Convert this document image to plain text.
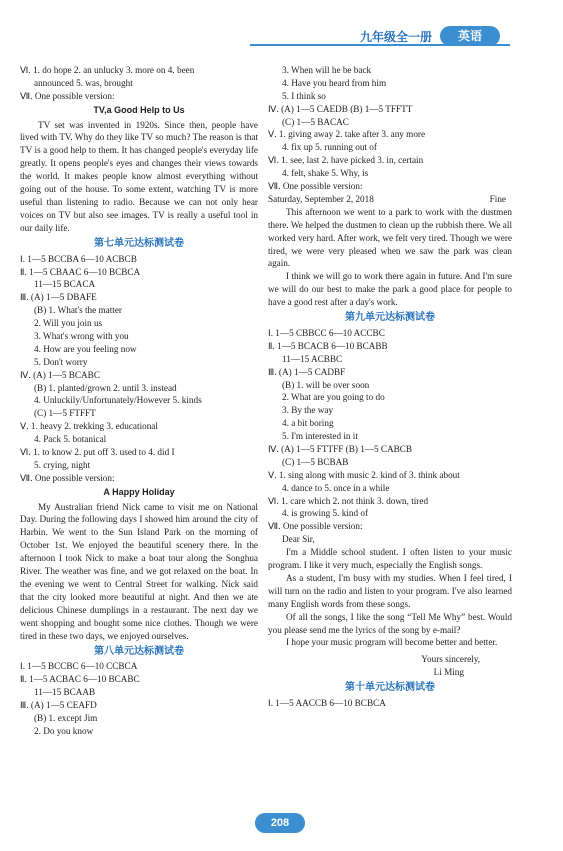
九年级全一册	英语
Ⅵ. 1. do hope 2. an unlucky 3. more on 4. been
announced 5. was, brought
Ⅶ. One possible version:
TV,a Good Help to Us
TV set was invented in 1920s. Since then, people have lived with TV. Why do they like TV so much? The reason is that TV is a good help to them. It has changed people's everyday life greatly. It opens people's eyes and changes their views towards the world. It makes people know almost everything without going out of the house. To some extent, watching TV is more useful than listening to radio. Because we can not only hear voices on TV but also see images. TV is really a useful tool in our daily life.
第七单元达标测试卷
Ⅰ. 1—5 BCCBA 6—10 ACBCB
Ⅱ. 1—5 CBAAC 6—10 BCBCA
11—15 BCACA
Ⅲ. (A) 1—5 DBAFE
(B) 1. What's the matter
2. Will you join us
3. What's wrong with you
4. How are you feeling now
5. Don't worry
Ⅳ. (A) 1—5 BCABC
(B) 1. planted/grown 2. until 3. instead
4. Unluckily/Unfortunately/However 5. kinds
(C) 1—5 FTFFT
Ⅴ. 1. heavy 2. trekking 3. educational
4. Pack 5. botanical
Ⅵ. 1. to know 2. put off 3. used to 4. did I
5. crying, night
Ⅶ. One possible version:
A Happy Holiday
My Australian friend Nick came to visit me on National Day. During the following days I showed him around the city of Harbin. We went to the Sun Island Park on the morning of October 1st. We enjoyed the beautiful scenery there. In the afternoon I took Nick to make a boat tour along the Songhua River. The weather was fine, and we got relaxed on the boat. In the evening we went to Central Street for walking. Nick said that the city looked more beautiful at night. And then we ate delicious Chinese dumplings in a restaurant. The next day we went shopping and bought some nice clothes. Though we were tired in these two days, we enjoyed ourselves.
第八单元达标测试卷
Ⅰ. 1—5 BCCBC 6—10 CCBCA
Ⅱ. 1—5 ACBAC 6—10 BCABC
11—15 BCAAB
Ⅲ. (A) 1—5 CEAFD
(B) 1. except Jim
2. Do you know
3. When will he be back
4. Have you heard from him
5. I think so
Ⅳ. (A) 1—5 CAEDB (B) 1—5 TFFTT
(C) 1—5 BACAC
Ⅴ. 1. giving away 2. take after 3. any more
4. fix up 5. running out of
Ⅵ. 1. see, last 2. have picked 3. in, certain
4. felt, shake 5. Why, is
Ⅶ. One possible version:
Saturday, September 2, 2018	Fine
This afternoon we went to a park to work with the dustmen there. We helped the dustmen to clean up the rubbish there. We all worked very hard. After work, we felt very tired. Though we were tired, we were very pleased when we saw the park was clean again.
I think we will go to work there again in future. And I'm sure we will do our best to make the park a good place for people to have a good rest after a day's work.
第九单元达标测试卷
Ⅰ. 1—5 CBBCC 6—10 ACCBC
Ⅱ. 1—5 BCACB 6—10 BCABB
11—15 ACBBC
Ⅲ. (A) 1—5 CADBF
(B) 1. will be over soon
2. What are you going to do
3. By the way
4. a bit boring
5. I'm interested in it
Ⅳ. (A) 1—5 FTTFF (B) 1—5 CABCB
(C) 1—5 BCBAB
Ⅴ. 1. sing along with music 2. kind of 3. think about
4. dance to 5. once in a while
Ⅵ. 1. care which 2. not think 3. down, tired
4. is growing 5. kind of
Ⅶ. One possible version:
Dear Sir,
I'm a Middle school student. I often listen to your music program. I like it very much, especially the English songs.
As a student, I'm busy with my studies. When I feel tired, I will turn on the radio and listen to your program. I've also learned many English words from these songs.
Of all the songs, I like the song “Tell Me Why” best. Would you please send me the lyrics of the song by e-mail?
I hope your music program will become better and better.
Yours sincerely,
Li Ming
第十单元达标测试卷
Ⅰ. 1—5 AACCB 6—10 BCBCA
208
